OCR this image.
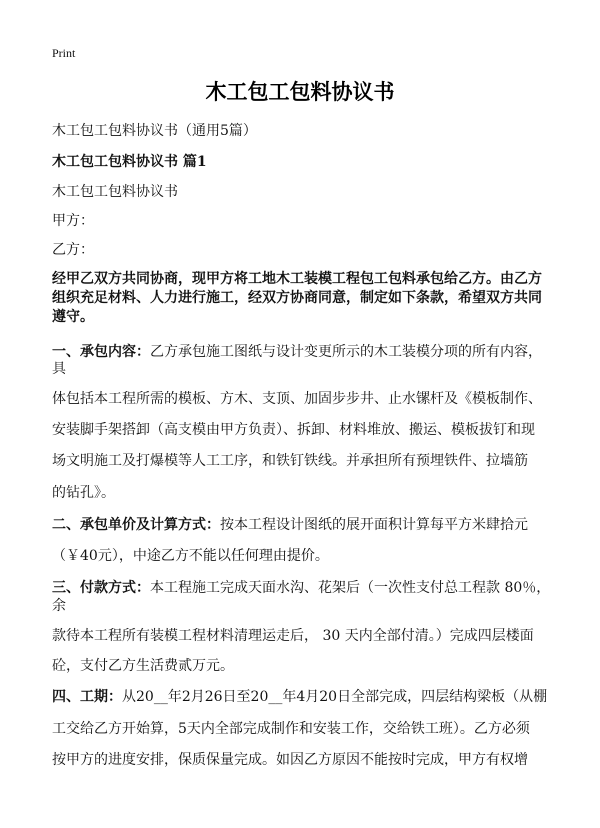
Print
木工包工包料协议书
木工包工包料协议书（通用5篇）
木工包工包料协议书 篇1
木工包工包料协议书
甲方：
乙方：
经甲乙双方共同协商，现甲方将工地木工装模工程包工包料承包给乙方。由乙方组织充足材料、人力进行施工，经双方协商同意，制定如下条款，希望双方共同遵守。
一、承包内容：乙方承包施工图纸与设计变更所示的木工装模分项的所有内容，
具
体包括本工程所需的模板、方木、支顶、加固步步井、止水镙杆及《模板制作、
安装脚手架搭卸（高支模由甲方负责）、拆卸、材料堆放、搬运、模板拔钉和现
场文明施工及打爆模等人工工序，和铁钉铁线。并承担所有预埋铁件、拉墙筋
的钻孔》。
二、承包单价及计算方式：按本工程设计图纸的展开面积计算每平方米肆拾元
（￥40元），中途乙方不能以任何理由提价。
三、付款方式：本工程施工完成天面水沟、花架后（一次性支付总工程款 80％，
余
款待本工程所有装模工程材料清理运走后， 30 天内全部付清。）完成四层楼面
砼，支付乙方生活费贰万元。
四、工期：从20__年2月26日至20__年4月20日全部完成，四层结构梁板（从棚
工交给乙方开始算，5天内全部完成制作和安装工作，交给铁工班）。乙方必须
按甲方的进度安排，保质保量完成。如因乙方原因不能按时完成，甲方有权增
